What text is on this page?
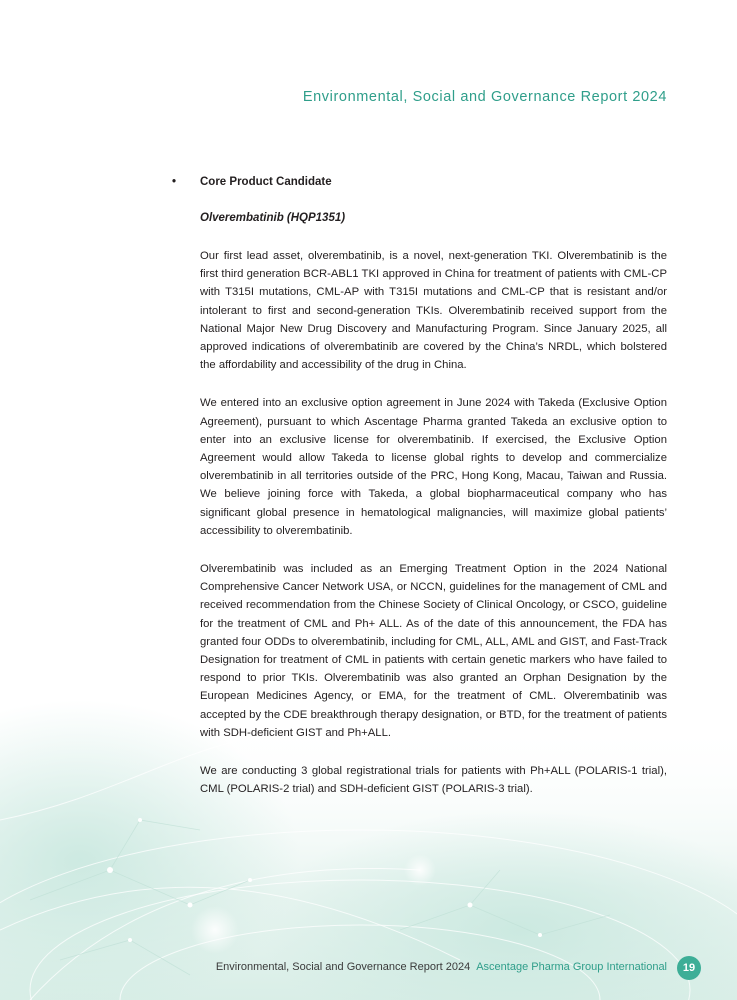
Environmental, Social and Governance Report 2024
• Core Product Candidate

Olverembatinib (HQP1351)

Our first lead asset, olverembatinib, is a novel, next-generation TKI. Olverembatinib is the first third generation BCR-ABL1 TKI approved in China for treatment of patients with CML-CP with T315I mutations, CML-AP with T315I mutations and CML-CP that is resistant and/or intolerant to first and second-generation TKIs. Olverembatinib received support from the National Major New Drug Discovery and Manufacturing Program. Since January 2025, all approved indications of olverembatinib are covered by the China’s NRDL, which bolstered the affordability and accessibility of the drug in China.

We entered into an exclusive option agreement in June 2024 with Takeda (Exclusive Option Agreement), pursuant to which Ascentage Pharma granted Takeda an exclusive option to enter into an exclusive license for olverembatinib. If exercised, the Exclusive Option Agreement would allow Takeda to license global rights to develop and commercialize olverembatinib in all territories outside of the PRC, Hong Kong, Macau, Taiwan and Russia. We believe joining force with Takeda, a global biopharmaceutical company who has significant global presence in hematological malignancies, will maximize global patients’ accessibility to olverembatinib.

Olverembatinib was included as an Emerging Treatment Option in the 2024 National Comprehensive Cancer Network USA, or NCCN, guidelines for the management of CML and received recommendation from the Chinese Society of Clinical Oncology, or CSCO, guideline for the treatment of CML and Ph+ ALL. As of the date of this announcement, the FDA has granted four ODDs to olverembatinib, including for CML, ALL, AML and GIST, and Fast-Track Designation for treatment of CML in patients with certain genetic markers who have failed to respond to prior TKIs. Olverembatinib was also granted an Orphan Designation by the European Medicines Agency, or EMA, for the treatment of CML. Olverembatinib was accepted by the CDE breakthrough therapy designation, or BTD, for the treatment of patients with SDH-deficient GIST and Ph+ALL.

We are conducting 3 global registrational trials for patients with Ph+ALL (POLARIS-1 trial), CML (POLARIS-2 trial) and SDH-deficient GIST (POLARIS-3 trial).

Environmental, Social and Governance Report 2024 Ascentage Pharma Group International	19
